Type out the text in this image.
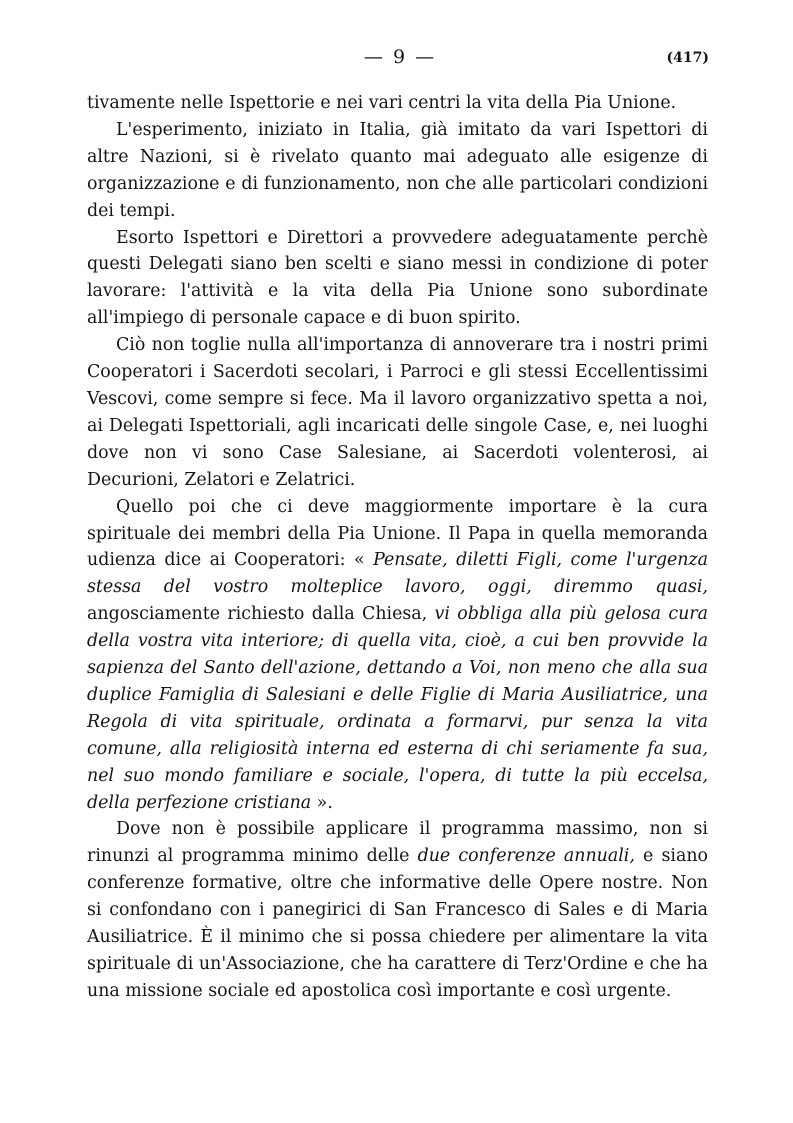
— 9 —	(417)

tivamente nelle Ispettorie e nei vari centri la vita della Pia Unione.

L'esperimento, iniziato in Italia, già imitato da vari Ispettori di altre Nazioni, si è rivelato quanto mai adeguato alle esigenze di organizzazione e di funzionamento, non che alle particolari condizioni dei tempi.

Esorto Ispettori e Direttori a provvedere adeguatamente perchè questi Delegati siano ben scelti e siano messi in condizione di poter lavorare: l'attività e la vita della Pia Unione sono subordinate all'impiego di personale capace e di buon spirito.

Ciò non toglie nulla all'importanza di annoverare tra i nostri primi Cooperatori i Sacerdoti secolari, i Parroci e gli stessi Eccellentissimi Vescovi, come sempre si fece. Ma il lavoro organizzativo spetta a noi, ai Delegati Ispettoriali, agli incaricati delle singole Case, e, nei luoghi dove non vi sono Case Salesiane, ai Sacerdoti volenterosi, ai Decurioni, Zelatori e Zelatrici.

Quello poi che ci deve maggiormente importare è la cura spirituale dei membri della Pia Unione. Il Papa in quella memoranda udienza dice ai Cooperatori: « Pensate, diletti Figli, come l'urgenza stessa del vostro molteplice lavoro, oggi, diremmo quasi, angosciamente richiesto dalla Chiesa, vi obbliga alla più gelosa cura della vostra vita interiore; di quella vita, cioè, a cui ben provvide la sapienza del Santo dell'azione, dettando a Voi, non meno che alla sua duplice Famiglia di Salesiani e delle Figlie di Maria Ausiliatrice, una Regola di vita spirituale, ordinata a formarvi, pur senza la vita comune, alla religiosità interna ed esterna di chi seriamente fa sua, nel suo mondo familiare e sociale, l'opera, di tutte la più eccelsa, della perfezione cristiana ».

Dove non è possibile applicare il programma massimo, non si rinunzi al programma minimo delle due conferenze annuali, e siano conferenze formative, oltre che informative delle Opere nostre. Non si confondano con i panegirici di San Francesco di Sales e di Maria Ausiliatrice. È il minimo che si possa chiedere per alimentare la vita spirituale di un'Associazione, che ha carattere di Terz'Ordine e che ha una missione sociale ed apostolica così importante e così urgente.
